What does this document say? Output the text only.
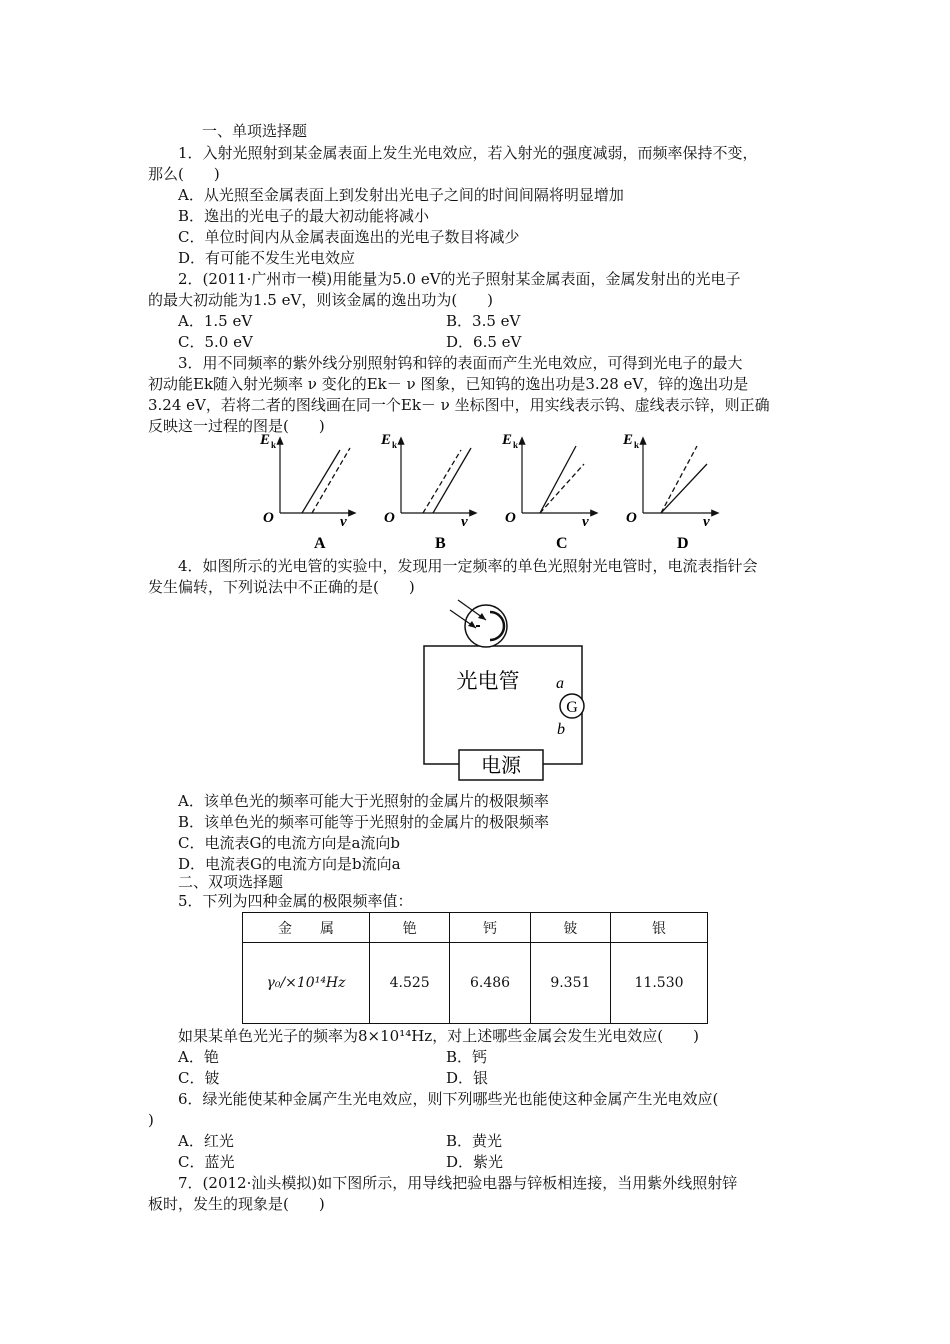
一、单项选择题
1．入射光照射到某金属表面上发生光电效应，若入射光的强度减弱，而频率保持不变，
那么(　　)
A．从光照至金属表面上到发射出光电子之间的时间间隔将明显增加
B．逸出的光电子的最大初动能将减小
C．单位时间内从金属表面逸出的光电子数目将减少
D．有可能不发生光电效应
2．(2011·广州市一模)用能量为5.0 eV的光子照射某金属表面，金属发射出的光电子
的最大初动能为1.5 eV，则该金属的逸出功为(　　)
A．1.5 eV	B．3.5 eV
C．5.0 eV	D．6.5 eV
3．用不同频率的紫外线分别照射钨和锌的表面而产生光电效应，可得到光电子的最大
初动能Ek随入射光频率 ν 变化的Ek－ ν 图象，已知钨的逸出功是3.28 eV，锌的逸出功是
3.24 eV，若将二者的图线画在同一个Ek－ ν 坐标图中，用实线表示钨、虚线表示锌，则正确
反映这一过程的图是(　　)
E k
O	ν
A
E k
O	ν
B
E k
O	ν
C
E k
O	ν
D
4．如图所示的光电管的实验中，发现用一定频率的单色光照射光电管时，电流表指针会
发生偏转，下列说法中不正确的是(　　)
电源
G
a
b
光电管
A．该单色光的频率可能大于光照射的金属片的极限频率
B．该单色光的频率可能等于光照射的金属片的极限频率
C．电流表G的电流方向是a流向b
D．电流表G的电流方向是b流向a
二、双项选择题
5．下列为四种金属的极限频率值：
金　　属	铯	钙	铍	银
γ₀/×10¹⁴Hz	4.525	6.486	9.351	11.530
如果某单色光光子的频率为8×10¹⁴Hz，对上述哪些金属会发生光电效应(　　)
A．铯	B．钙
C．铍	D．银
6．绿光能使某种金属产生光电效应，则下列哪些光也能使这种金属产生光电效应(
)
A．红光	B．黄光
C．蓝光	D．紫光
7．(2012·汕头模拟)如下图所示，用导线把验电器与锌板相连接，当用紫外线照射锌
板时，发生的现象是(　　)
